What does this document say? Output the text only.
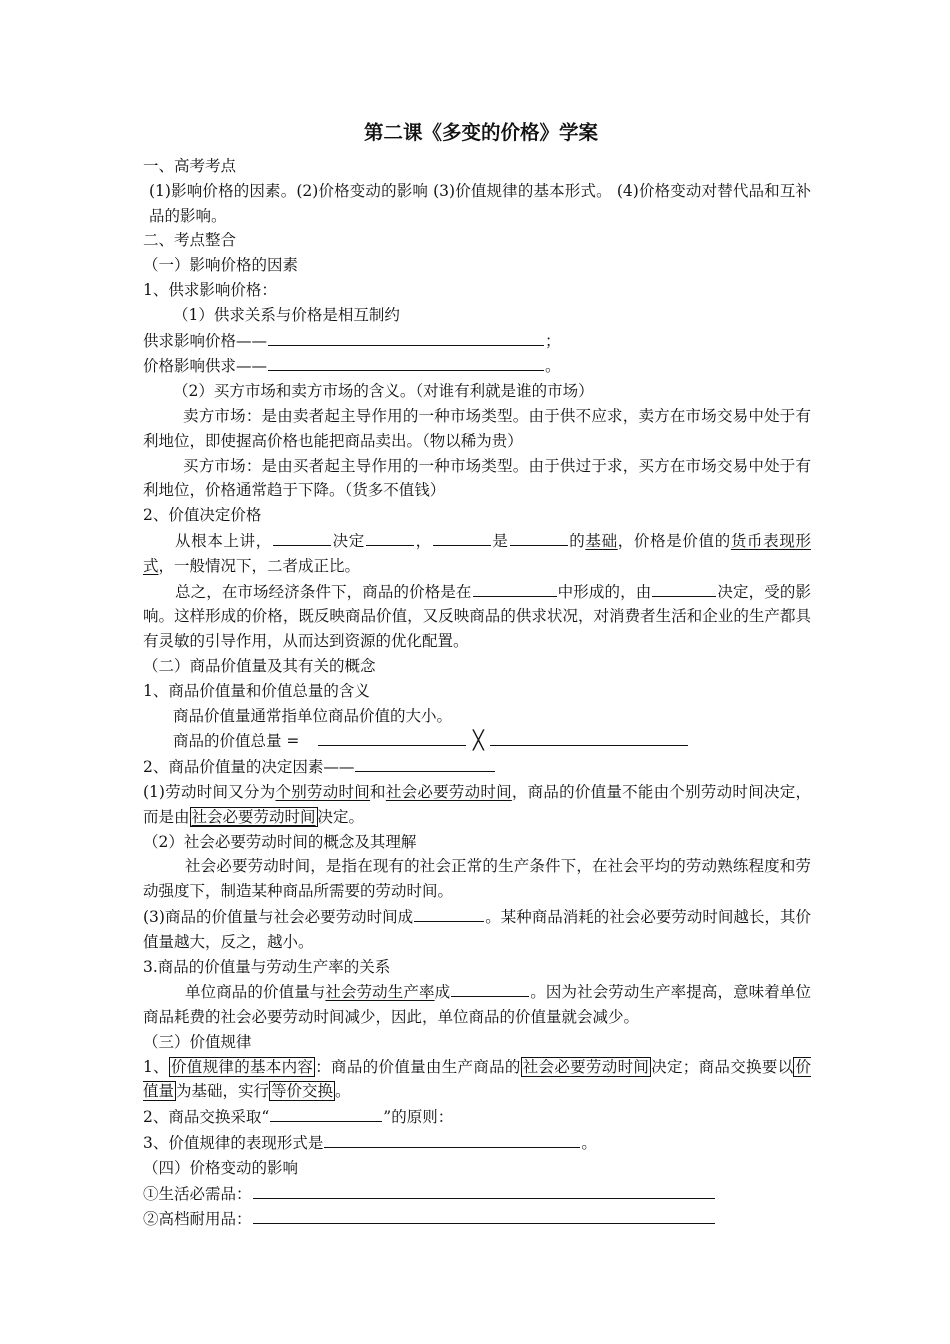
第二课《多变的价格》学案
一、高考考点
(1)影响价格的因素。(2)价格变动的影响 (3)价值规律的基本形式。 (4)价格变动对替代品和互补品的影响。
二、考点整合
（一）影响价格的因素
1、供求影响价格：
（1）供求关系与价格是相互制约
供求影响价格——	；
价格影响供求——	。
（2）买方市场和卖方市场的含义。（对谁有利就是谁的市场）
卖方市场：是由卖者起主导作用的一种市场类型。由于供不应求，卖方在市场交易中处于有利地位，即使握高价格也能把商品卖出。（物以稀为贵）
买方市场：是由买者起主导作用的一种市场类型。由于供过于求，买方在市场交易中处于有利地位，价格通常趋于下降。（货多不值钱）
2、价值决定价格
从根本上讲，	决定	，	是	的基础，价格是价值的货币表现形式，一般情况下，二者成正比。
总之，在市场经济条件下，商品的价格是在	中形成的，由	决定，受的影响。这样形成的价格，既反映商品价值，又反映商品的供求状况，对消费者生活和企业的生产都具有灵敏的引导作用，从而达到资源的优化配置。
（二）商品价值量及其有关的概念
1、商品价值量和价值总量的含义
商品价值量通常指单位商品价值的大小。
商品的价值总量 =	╳
2、商品价值量的决定因素——
(1)劳动时间又分为个别劳动时间和社会必要劳动时间，商品的价值量不能由个别劳动时间决定，而是由 社会必要劳动时间 决定。
（2）社会必要劳动时间的概念及其理解
社会必要劳动时间，是指在现有的社会正常的生产条件下，在社会平均的劳动熟练程度和劳动强度下，制造某种商品所需要的劳动时间。
(3)商品的价值量与社会必要劳动时间成	。某种商品消耗的社会必要劳动时间越长，其价值量越大，反之，越小。
3.商品的价值量与劳动生产率的关系
单位商品的价值量与社会劳动生产率成	。因为社会劳动生产率提高，意味着单位商品耗费的社会必要劳动时间减少，因此，单位商品的价值量就会减少。
（三）价值规律
1、 价值规律的基本内容 ：商品的价值量由生产商品的 社会必要劳动时间 决定；商品交换要以 价值量 为基础，实行 等价交换 。
2、商品交换采取“	”的原则：
3、价值规律的表现形式是	。
（四）价格变动的影响
①生活必需品：
②高档耐用品：
